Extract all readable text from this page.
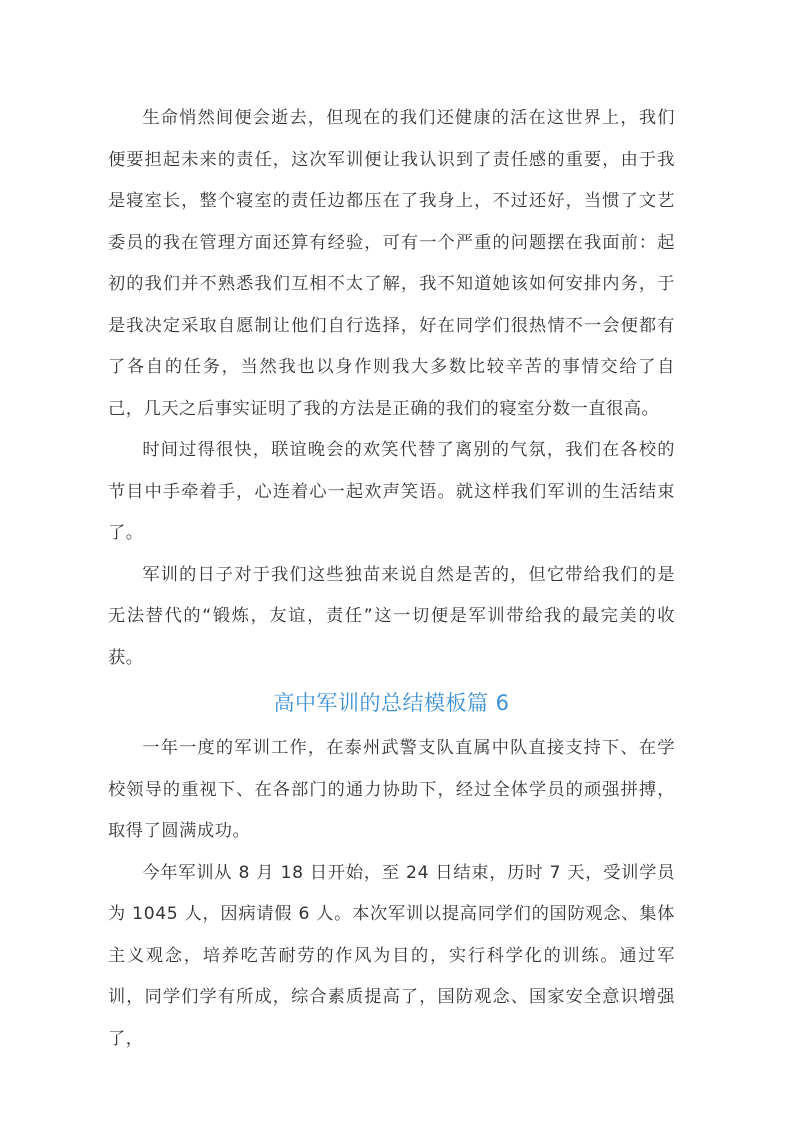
生命悄然间便会逝去，但现在的我们还健康的活在这世界上，我们便要担起未来的责任，这次军训便让我认识到了责任感的重要，由于我是寝室长，整个寝室的责任边都压在了我身上，不过还好，当惯了文艺委员的我在管理方面还算有经验，可有一个严重的问题摆在我面前：起初的我们并不熟悉我们互相不太了解，我不知道她该如何安排内务，于是我决定采取自愿制让他们自行选择，好在同学们很热情不一会便都有了各自的任务，当然我也以身作则我大多数比较辛苦的事情交给了自己，几天之后事实证明了我的方法是正确的我们的寝室分数一直很高。

时间过得很快，联谊晚会的欢笑代替了离别的气氛，我们在各校的节目中手牵着手，心连着心一起欢声笑语。就这样我们军训的生活结束了。

军训的日子对于我们这些独苗来说自然是苦的，但它带给我们的是无法替代的“锻炼，友谊，责任”这一切便是军训带给我的最完美的收获。

高中军训的总结模板篇 6

一年一度的军训工作，在泰州武警支队直属中队直接支持下、在学校领导的重视下、在各部门的通力协助下，经过全体学员的顽强拼搏，取得了圆满成功。

今年军训从 8 月 18 日开始，至 24 日结束，历时 7 天，受训学员为 1045 人，因病请假 6 人。本次军训以提高同学们的国防观念、集体主义观念，培养吃苦耐劳的作风为目的，实行科学化的训练。通过军训，同学们学有所成，综合素质提高了，国防观念、国家安全意识增强了，
